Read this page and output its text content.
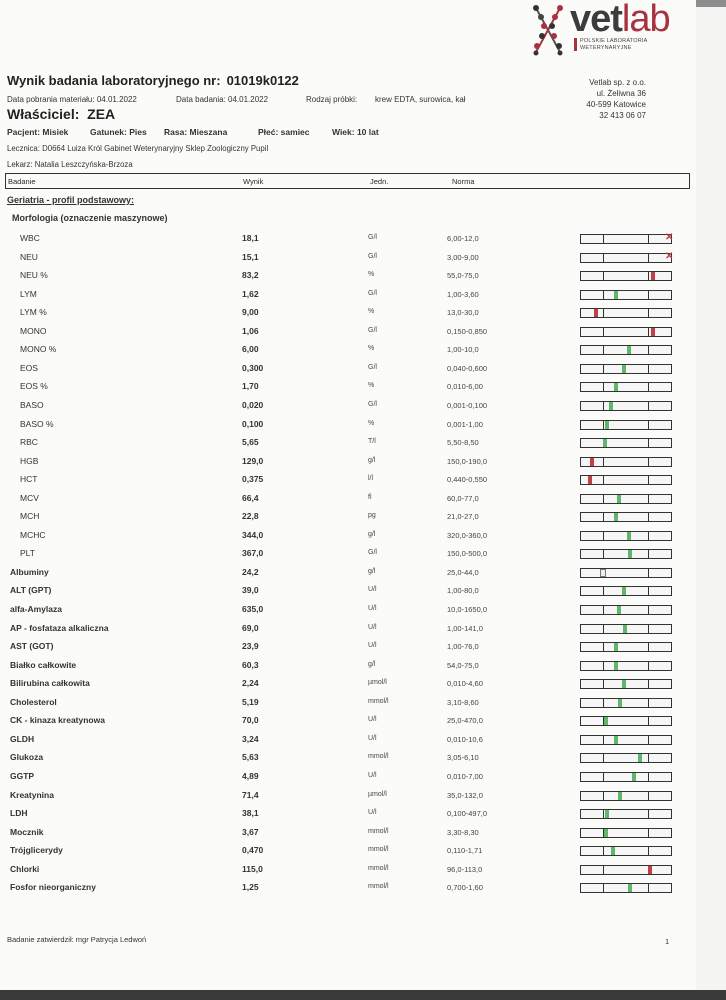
vetlab
POLSKIE LABORATORIA
WETERYNARYJNE
Wynik badania laboratoryjnego nr: 01019k0122
Data pobrania materiału: 04.01.2022	Data badania: 04.01.2022	Rodzaj próbki: krew EDTA, surowica, kał
Vetlab sp. z o.o.
ul. Żeliwna 36
40-599 Katowice
32 413 06 07
Właściciel: ZEA
Pacjent: Misiek	Gatunek: Pies Rasa: Mieszana	Płeć: samiec	Wiek: 10 lat
Lecznica: D0664 Luiza Król Gabinet Weterynaryjny Sklep Zoologiczny Pupil
Lekarz: Natalia Leszczyńska-Brzoza
Badanie	Wynik	Jedn.	Norma
Geriatria - profil podstawowy:
Morfologia (oznaczenie maszynowe)
WBC	18,1	G/l	6,00-12,0	✕
NEU	15,1	G/l	3,00-9,00	✕
NEU %	83,2	%	55,0-75,0
LYM	1,62	G/l	1,00-3,60
LYM %	9,00	%	13,0-30,0
MONO	1,06	G/l	0,150-0,850
MONO %	6,00	%	1,00-10,0
EOS	0,300	G/l	0,040-0,600
EOS %	1,70	%	0,010-6,00
BASO	0,020	G/l	0,001-0,100
BASO %	0,100	%	0,001-1,00
RBC	5,65	T/l	5,50-8,50
HGB	129,0	g/l	150,0-190,0
HCT	0,375	l/l	0,440-0,550
MCV	66,4	fl	60,0-77,0
MCH	22,8	pg	21,0-27,0
MCHC	344,0	g/l	320,0-360,0
PLT	367,0	G/l	150,0-500,0
Albuminy	24,2	g/l	25,0-44,0
ALT (GPT)	39,0	U/l	1,00-80,0
alfa-Amylaza	635,0	U/l	10,0-1650,0
AP - fosfataza alkaliczna	69,0	U/l	1,00-141,0
AST (GOT)	23,9	U/l	1,00-76,0
Białko całkowite	60,3	g/l	54,0-75,0
Bilirubina całkowita	2,24	µmol/l	0,010-4,60
Cholesterol	5,19	mmol/l	3,10-8,60
CK - kinaza kreatynowa	70,0	U/l	25,0-470,0
GLDH	3,24	U/l	0,010-10,6
Glukoza	5,63	mmol/l	3,05-6,10
GGTP	4,89	U/l	0,010-7,00
Kreatynina	71,4	µmol/l	35,0-132,0
LDH	38,1	U/l	0,100-497,0
Mocznik	3,67	mmol/l	3,30-8,30
Trójglicerydy	0,470	mmol/l	0,110-1,71
Chlorki	115,0	mmol/l	96,0-113,0
Fosfor nieorganiczny	1,25	mmol/l	0,700-1,60
Badanie zatwierdził: mgr Patrycja Ledwoń	1
